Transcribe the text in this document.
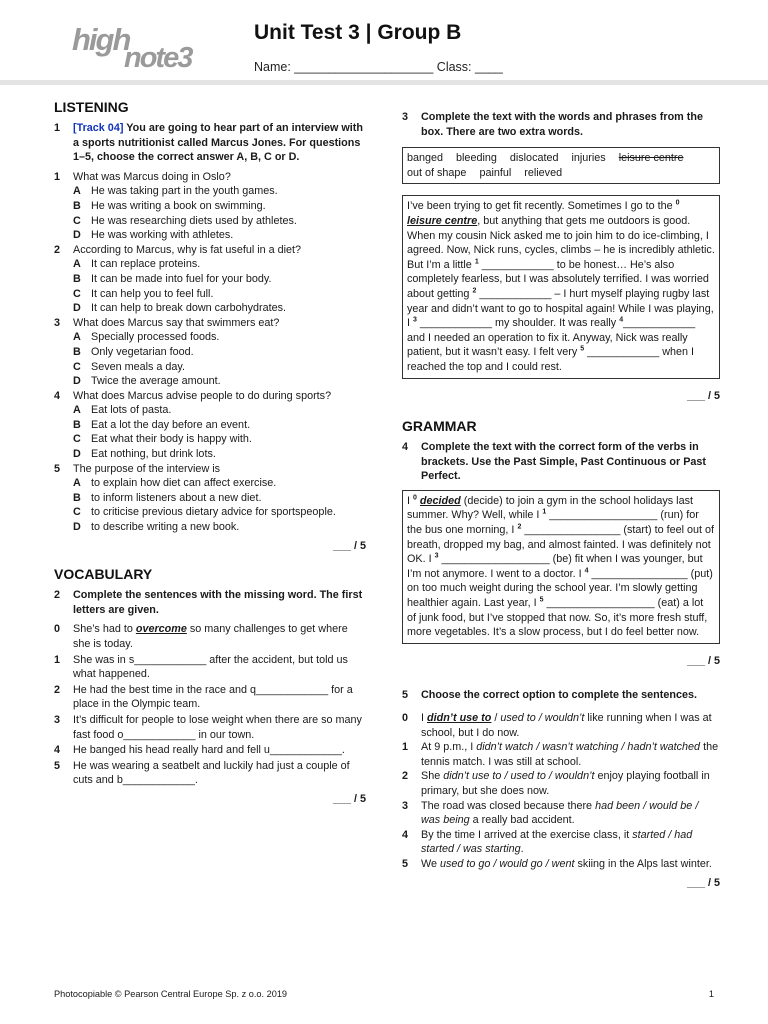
high
note3
Unit Test 3 | Group B
Name: ____________________ Class: ____
LISTENING
1 [Track 04] You are going to hear part of an interview with a sports nutritionist called Marcus Jones. For questions 1–5, choose the correct answer A, B, C or D.
1 What was Marcus doing in Oslo?
A He was taking part in the youth games.
B He was writing a book on swimming.
C He was researching diets used by athletes.
D He was working with athletes.
2 According to Marcus, why is fat useful in a diet?
A It can replace proteins.
B It can be made into fuel for your body.
C It can help you to feel full.
D It can help to break down carbohydrates.
3 What does Marcus say that swimmers eat?
A Specially processed foods.
B Only vegetarian food.
C Seven meals a day.
D Twice the average amount.
4 What does Marcus advise people to do during sports?
A Eat lots of pasta.
B Eat a lot the day before an event.
C Eat what their body is happy with.
D Eat nothing, but drink lots.
5 The purpose of the interview is
A to explain how diet can affect exercise.
B to inform listeners about a new diet.
C to criticise previous dietary advice for sportspeople.
D to describe writing a new book.
___ / 5
VOCABULARY
2 Complete the sentences with the missing word. The first letters are given.
0 She’s had to overcome so many challenges to get where she is today.
1 She was in s____________ after the accident, but told us what happened.
2 He had the best time in the race and q____________ for a place in the Olympic team.
3 It’s difficult for people to lose weight when there are so many fast food o____________ in our town.
4 He banged his head really hard and fell u____________.
5 He was wearing a seatbelt and luckily had just a couple of cuts and b____________.
___ / 5
3 Complete the text with the words and phrases from the box. There are two extra words.
banged bleeding dislocated injuries leisure centreout of shape painful relieved
I’ve been trying to get fit recently. Sometimes I go to the $^0$ leisure centre, but anything that gets me outdoors is good. When my cousin Nick asked me to join him to do ice-climbing, I agreed. Now, Nick runs, cycles, climbs – he is incredibly athletic. But I’m a little $^1$ ____________ to be honest… He’s also completely fearless, but I was absolutely terrified. I was worried about getting $^2$ ____________ – I hurt myself playing rugby last year and didn’t want to go to hospital again! While I was playing, I $^3$ ____________ my shoulder. It was really $^4$____________ and I needed an operation to fix it. Anyway, Nick was really patient, but it wasn’t easy. I felt very $^5$ ____________ when I reached the top and I could rest.
___ / 5
GRAMMAR
4 Complete the text with the correct form of the verbs in brackets. Use the Past Simple, Past Continuous or Past Perfect.
I $^0$ decided (decide) to join a gym in the school holidays last summer. Why? Well, while I $^1$ __________________ (run) for the bus one morning, I $^2$ ________________ (start) to feel out of breath, dropped my bag, and almost fainted. I was definitely not OK. I $^3$ __________________ (be) fit when I was younger, but I’m not anymore. I went to a doctor. I $^4$ ________________ (put) on too much weight during the school year. I’m slowly getting healthier again. Last year, I $^5$ __________________ (eat) a lot of junk food, but I’ve stopped that now. So, it’s more fresh stuff, more vegetables. It’s a slow process, but I do feel better now.
___ / 5
5 Choose the correct option to complete the sentences.
0 I didn’t use to / used to / wouldn’t like running when I was at school, but I do now.
1 At 9 p.m., I didn’t watch / wasn’t watching / hadn’t watched the tennis match. I was still at school.
2 She didn’t use to / used to / wouldn’t enjoy playing football in primary, but she does now.
3 The road was closed because there had been / would be / was being a really bad accident.
4 By the time I arrived at the exercise class, it started / had started / was starting.
5 We used to go / would go / went skiing in the Alps last winter.
___ / 5
Photocopiable © Pearson Central Europe Sp. z o.o. 2019	1
